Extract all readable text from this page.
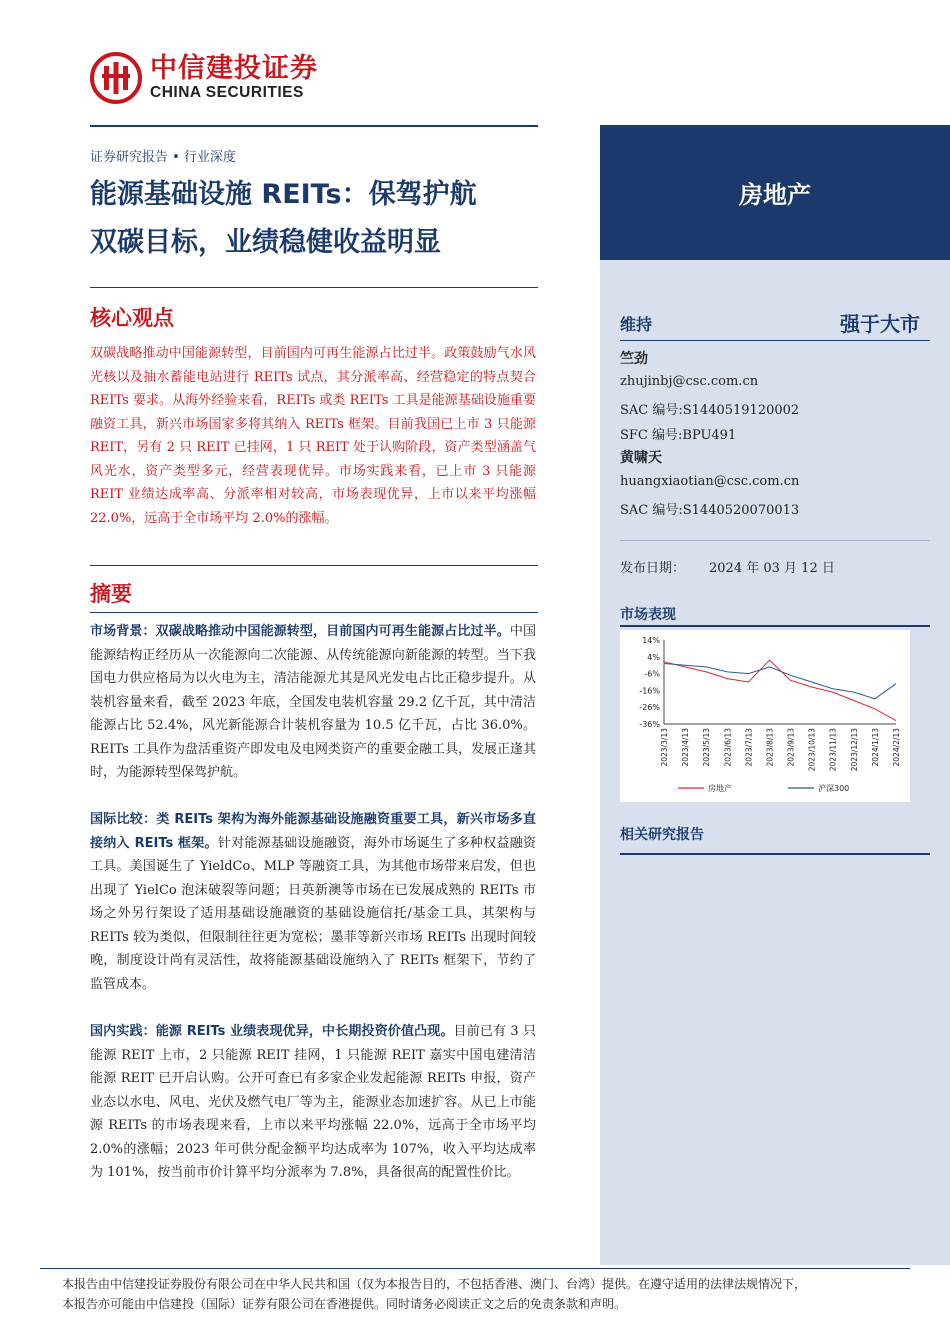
中信建投证券
CHINA SECURITIES
证券研究报告 • 行业深度
能源基础设施 REITs：保驾护航
双碳目标，业绩稳健收益明显
核心观点
双碳战略推动中国能源转型，目前国内可再生能源占比过半。政策鼓励气水风光核以及抽水蓄能电站进行 REITs 试点，其分派率高、经营稳定的特点契合 REITs 要求。从海外经验来看，REITs 或类 REITs 工具是能源基础设施重要融资工具，新兴市场国家多将其纳入 REITs 框架。目前我国已上市 3 只能源 REIT，另有 2 只 REIT 已挂网，1 只 REIT 处于认购阶段，资产类型涵盖气风光水，资产类型多元，经营表现优异。市场实践来看，已上市 3 只能源 REIT 业绩达成率高、分派率相对较高，市场表现优异，上市以来平均涨幅 22.0%，远高于全市场平均 2.0%的涨幅。
摘要
市场背景：双碳战略推动中国能源转型，目前国内可再生能源占比过半。中国能源结构正经历从一次能源向二次能源、从传统能源向新能源的转型。当下我国电力供应格局为以火电为主，清洁能源尤其是风光发电占比正稳步提升。从装机容量来看，截至 2023 年底，全国发电装机容量 29.2 亿千瓦，其中清洁能源占比 52.4%，风光新能源合计装机容量为 10.5 亿千瓦，占比 36.0%。REITs 工具作为盘活重资产即发电及电网类资产的重要金融工具，发展正逢其时，为能源转型保驾护航。
国际比较：类 REITs 架构为海外能源基础设施融资重要工具，新兴市场多直接纳入 REITs 框架。针对能源基础设施融资，海外市场诞生了多种权益融资工具。美国诞生了 YieldCo、MLP 等融资工具，为其他市场带来启发，但也出现了 YielCo 泡沫破裂等问题；日英新澳等市场在已发展成熟的 REITs 市场之外另行架设了适用基础设施融资的基础设施信托/基金工具，其架构与 REITs 较为类似，但限制往往更为宽松；墨菲等新兴市场 REITs 出现时间较晚，制度设计尚有灵活性，故将能源基础设施纳入了 REITs 框架下，节约了监管成本。
国内实践：能源 REITs 业绩表现优异，中长期投资价值凸现。目前已有 3 只能源 REIT 上市，2 只能源 REIT 挂网，1 只能源 REIT 嘉实中国电建清洁能源 REIT 已开启认购。公开可查已有多家企业发起能源 REITs 申报，资产业态以水电、风电、光伏及燃气电厂等为主，能源业态加速扩容。从已上市能源 REITs 的市场表现来看，上市以来平均涨幅 22.0%，远高于全市场平均 2.0%的涨幅；2023 年可供分配金额平均达成率为 107%，收入平均达成率为 101%，按当前市价计算平均分派率为 7.8%，具备很高的配置性价比。
房地产
维持	强于大市
竺劲
zhujinbj@csc.com.cn
SAC 编号:S1440519120002
SFC 编号:BPU491
黄啸天
huangxiaotian@csc.com.cn
SAC 编号:S1440520070013
发布日期： 2024 年 03 月 12 日
市场表现
14%
4%
-6%
-16%
-26%
-36%
2023/3/13 2023/4/13 2023/5/13 2023/6/13 2023/7/13 2023/8/13 2023/9/13 2023/10/13 2023/11/13 2023/12/13 2024/1/13 2024/2/13
房地产	沪深300
相关研究报告
本报告由中信建投证券股份有限公司在中华人民共和国（仅为本报告目的，不包括香港、澳门、台湾）提供。在遵守适用的法律法规情况下，
本报告亦可能由中信建投（国际）证券有限公司在香港提供。同时请务必阅读正文之后的免责条款和声明。
